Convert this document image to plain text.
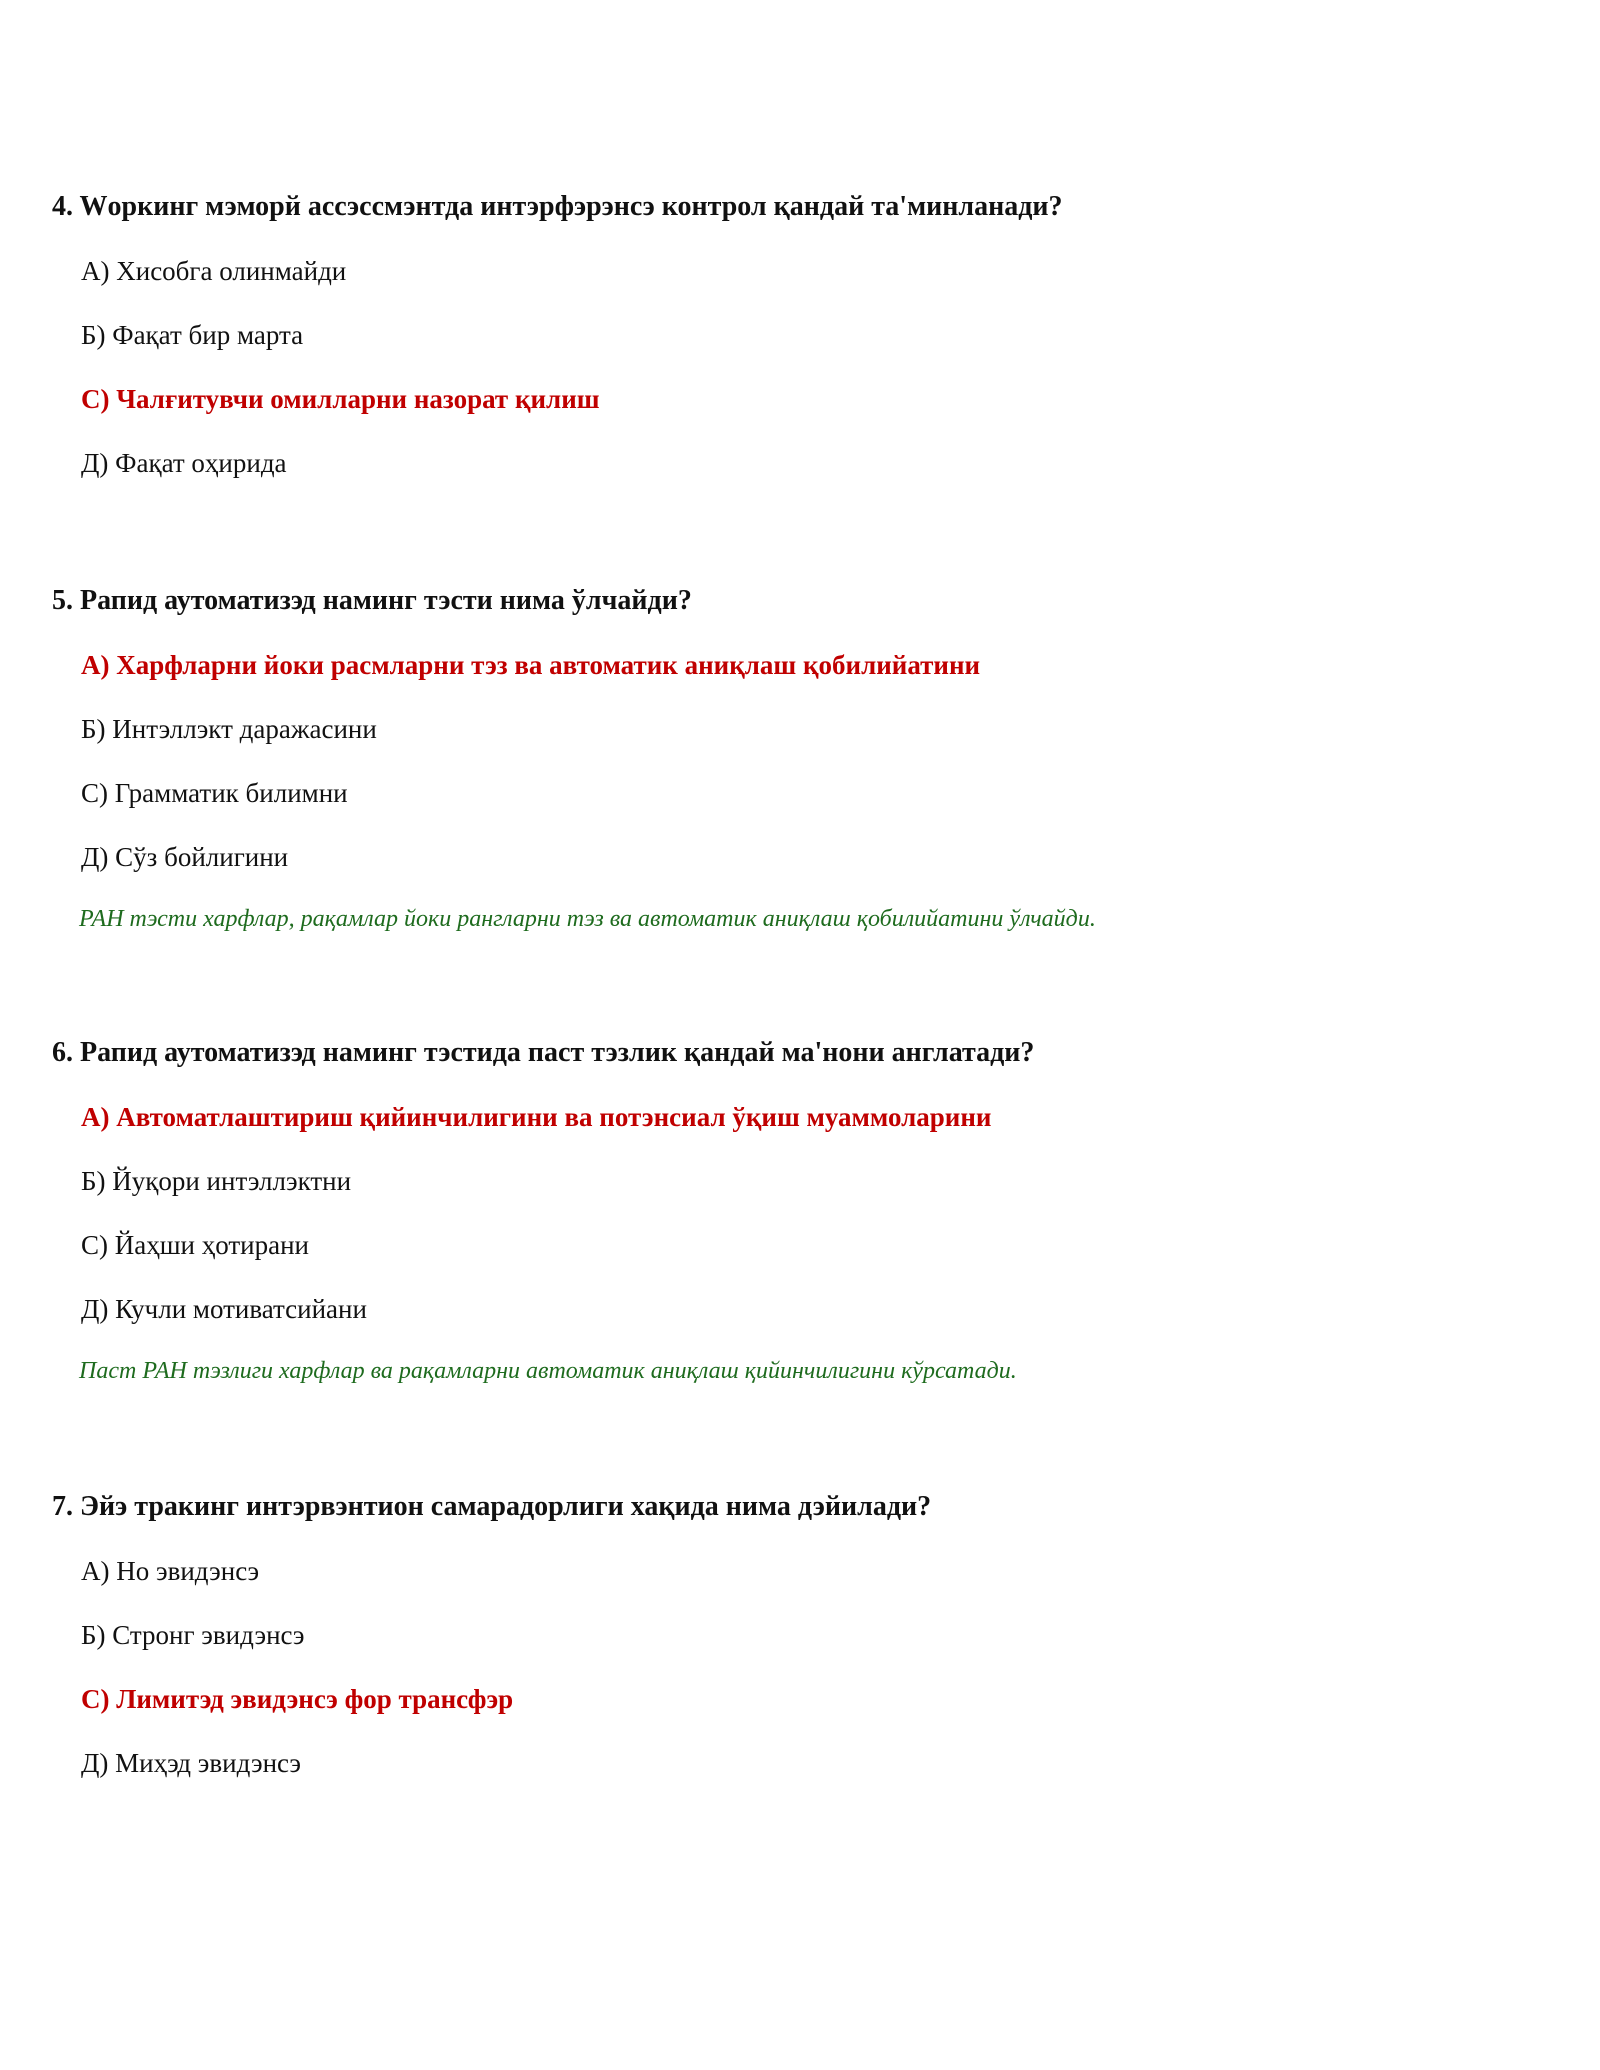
4. Wоркинг мэморй ассэссмэнтда интэрфэрэнсэ контрол қандай та'минланади?

A) Хисобга олинмайди
Б) Фақат бир марта
C) Чалғитувчи омилларни назорат қилиш
Д) Фақат оҳирида

5. Рапид аутоматизэд наминг тэсти нима ўлчайди?

A) Харфларни йоки расмларни тэз ва автоматик аниқлаш қобилийатини
Б) Интэллэкт даражасини
C) Грамматик билимни
Д) Сўз бойлигини
РАН тэсти харфлар, рақамлар йоки рангларни тэз ва автоматик аниқлаш қобилийатини ўлчайди.

6. Рапид аутоматизэд наминг тэстида паст тэзлик қандай ма'нони англатади?

A) Автоматлаштириш қийинчилигини ва потэнсиал ўқиш муаммоларини
Б) Йуқори интэллэктни
C) Йаҳши ҳотирани
Д) Кучли мотиватсийани
Паст РАН тэзлиги харфлар ва рақамларни автоматик аниқлаш қийинчилигини кўрсатади.

7. Эйэ тракинг интэрвэнтион самарадорлиги хақида нима дэйилади?

A) Но эвидэнсэ
Б) Стронг эвидэнсэ
C) Лимитэд эвидэнсэ фор трансфэр
Д) Миҳэд эвидэнсэ
